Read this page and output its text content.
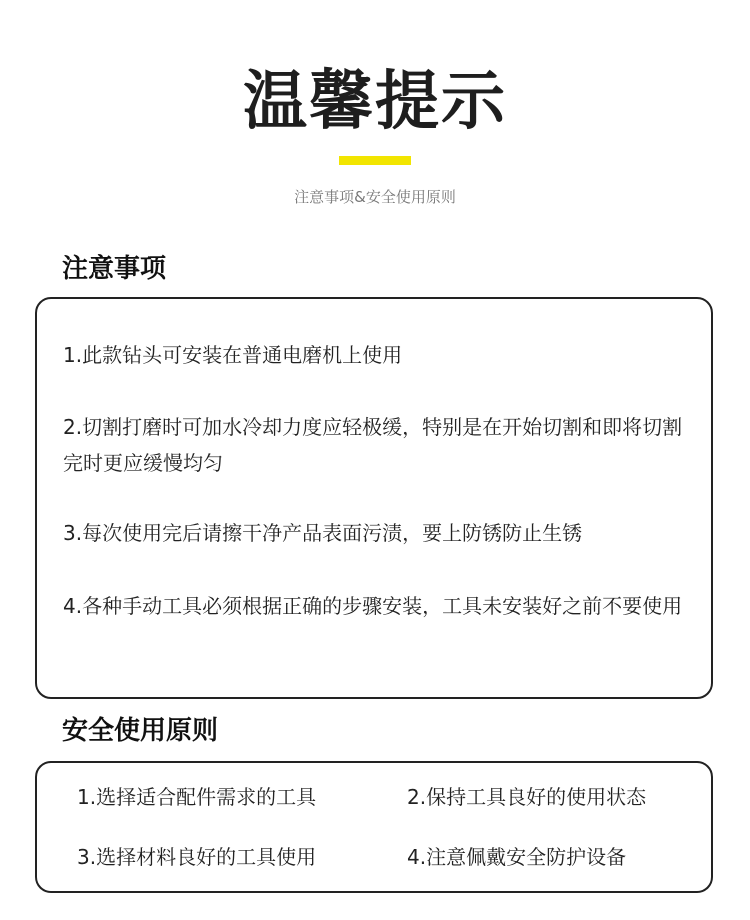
温馨提示
注意事项&安全使用原则
注意事项

1.此款钻头可安装在普通电磨机上使用

2.切割打磨时可加水冷却力度应轻极缓，特别是在开始切割和即将切割完时更应缓慢均匀

3.每次使用完后请擦干净产品表面污渍，要上防锈防止生锈

4.各种手动工具必须根据正确的步骤安装，工具未安装好之前不要使用

安全使用原则
1.选择适合配件需求的工具	2.保持工具良好的使用状态
3.选择材料良好的工具使用	4.注意佩戴安全防护设备
